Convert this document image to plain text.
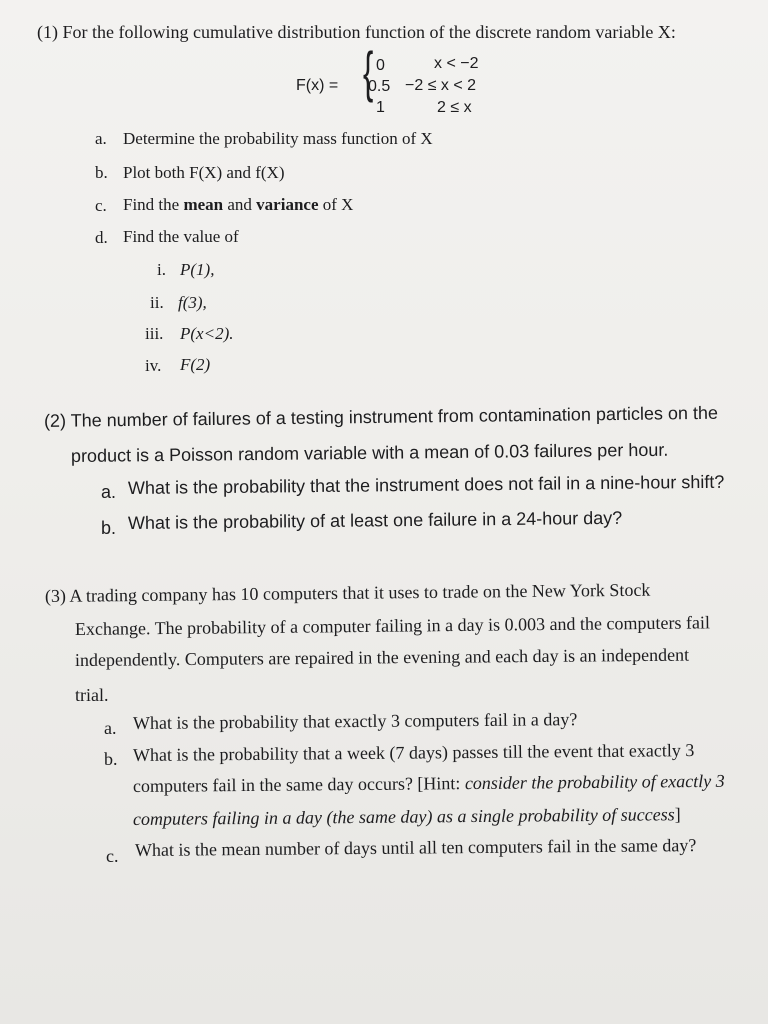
(1) For the following cumulative distribution function of the discrete random variable X:
F(x) = { 0	x < −2
0.5 −2 ≤ x < 2
1	2 ≤ x
a. Determine the probability mass function of X
b. Plot both F(X) and f(X)
c. Find the mean and variance of X
d. Find the value of
i. P(1),
ii. f(3),
iii. P(x<2).
iv. F(2)
(2) The number of failures of a testing instrument from contamination particles on the
product is a Poisson random variable with a mean of 0.03 failures per hour.
a. What is the probability that the instrument does not fail in a nine-hour shift?
b. What is the probability of at least one failure in a 24-hour day?
(3) A trading company has 10 computers that it uses to trade on the New York Stock
Exchange. The probability of a computer failing in a day is 0.003 and the computers fail
independently. Computers are repaired in the evening and each day is an independent
trial.
a. What is the probability that exactly 3 computers fail in a day?
b. What is the probability that a week (7 days) passes till the event that exactly 3
computers fail in the same day occurs? [Hint: consider the probability of exactly 3
computers failing in a day (the same day) as a single probability of success]
c. What is the mean number of days until all ten computers fail in the same day?
